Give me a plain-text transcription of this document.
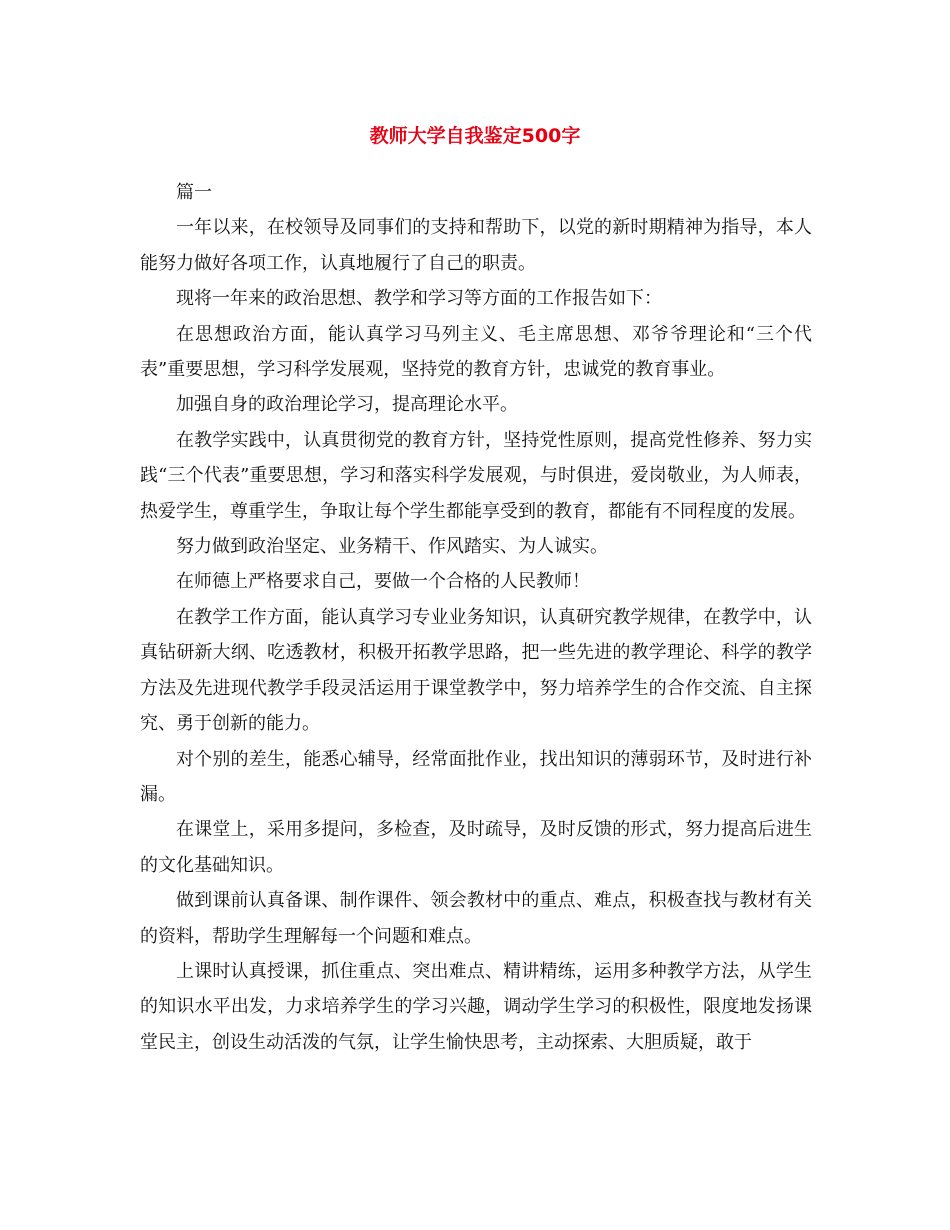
教师大学自我鉴定500字

篇一

一年以来，在校领导及同事们的支持和帮助下，以党的新时期精神为指导，本人能努力做好各项工作，认真地履行了自己的职责。

现将一年来的政治思想、教学和学习等方面的工作报告如下：

在思想政治方面，能认真学习马列主义、毛主席思想、邓爷爷理论和“三个代表”重要思想，学习科学发展观，坚持党的教育方针，忠诚党的教育事业。

加强自身的政治理论学习，提高理论水平。

在教学实践中，认真贯彻党的教育方针，坚持党性原则，提高党性修养、努力实践“三个代表”重要思想，学习和落实科学发展观，与时俱进，爱岗敬业，为人师表，热爱学生，尊重学生，争取让每个学生都能享受到的教育，都能有不同程度的发展。

努力做到政治坚定、业务精干、作风踏实、为人诚实。

在师德上严格要求自己，要做一个合格的人民教师！

在教学工作方面，能认真学习专业业务知识，认真研究教学规律，在教学中，认真钻研新大纲、吃透教材，积极开拓教学思路，把一些先进的教学理论、科学的教学方法及先进现代教学手段灵活运用于课堂教学中，努力培养学生的合作交流、自主探究、勇于创新的能力。

对个别的差生，能悉心辅导，经常面批作业，找出知识的薄弱环节，及时进行补漏。

在课堂上，采用多提问，多检查，及时疏导，及时反馈的形式，努力提高后进生的文化基础知识。

做到课前认真备课、制作课件、领会教材中的重点、难点，积极查找与教材有关的资料，帮助学生理解每一个问题和难点。

上课时认真授课，抓住重点、突出难点、精讲精练，运用多种教学方法，从学生的知识水平出发，力求培养学生的学习兴趣，调动学生学习的积极性，限度地发扬课堂民主，创设生动活泼的气氛，让学生愉快思考，主动探索、大胆质疑，敢于
